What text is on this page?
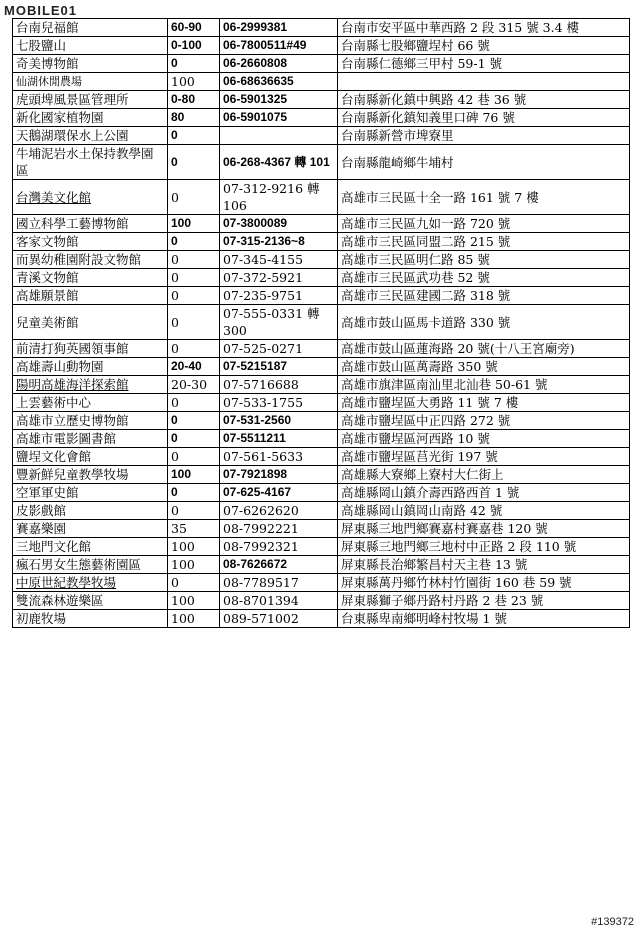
MOBILE01
台南兒福館	60-90	06-2999381	台南市安平區中華西路 2 段 315 號 3.4 樓
七股鹽山	0-100	06-7800511#49	台南縣七股鄉鹽埕村 66 號
奇美博物館	0	06-2660808	台南縣仁德鄉三甲村 59-1 號
仙湖休閒農場	100	06-68636635	
虎頭埤風景區管理所	0-80	06-5901325	台南縣新化鎮中興路 42 巷 36 號
新化國家植物園	80	06-5901075	台南縣新化鎮知義里口碑 76 號
天鵝湖環保水上公園	0		台南縣新營市埤寮里
牛埔泥岩水土保持教學園區	0	06-268-4367 轉 101	台南縣龍崎鄉牛埔村
台灣美文化館	0	07-312-9216 轉 106	高雄市三民區十全一路 161 號 7 樓
國立科學工藝博物館	100	07-3800089	高雄市三民區九如一路 720 號
客家文物館	0	07-315-2136~8	高雄市三民區同盟二路 215 號
而異幼稚園附設文物館	0	07-345-4155	高雄市三民區明仁路 85 號
青溪文物館	0	07-372-5921	高雄市三民區武功巷 52 號
高雄願景館	0	07-235-9751	高雄市三民區建國二路 318 號
兒童美術館	0	07-555-0331 轉 300	高雄市鼓山區馬卡道路 330 號
前清打狗英國領事館	0	07-525-0271	高雄市鼓山區蓮海路 20 號(十八王宮廟旁)
高雄壽山動物園	20-40	07-5215187	高雄市鼓山區萬壽路 350 號
陽明高雄海洋探索館	20-30	07-5716688	高雄市旗津區南汕里北汕巷 50-61 號
上雲藝術中心	0	07-533-1755	高雄市鹽埕區大勇路 11 號 7 樓
高雄市立歷史博物館	0	07-531-2560	高雄市鹽埕區中正四路 272 號
高雄市電影圖書館	0	07-5511211	高雄市鹽埕區河西路 10 號
鹽埕文化會館	0	07-561-5633	高雄市鹽埕區莒光街 197 號
豐新鮮兒童教學牧場	100	07-7921898	高雄縣大寮鄉上寮村大仁街上
空軍軍史館	0	07-625-4167	高雄縣岡山鎮介壽西路西首 1 號
皮影戲館	0	07-6262620	高雄縣岡山鎮岡山南路 42 號
賽嘉樂園	35	08-7992221	屏東縣三地門鄉賽嘉村賽嘉巷 120 號
三地門文化館	100	08-7992321	屏東縣三地門鄉三地村中正路 2 段 110 號
瘋石男女生態藝術園區	100	08-7626672	屏東縣長治鄉繁昌村天主巷 13 號
中原世紀教學牧場	0	08-7789517	屏東縣萬丹鄉竹林村竹園街 160 巷 59 號
雙流森林遊樂區	100	08-8701394	屏東縣獅子鄉丹路村丹路 2 巷 23 號
初鹿牧場	100	089-571002	台東縣卑南鄉明峰村牧場 1 號
#139372
